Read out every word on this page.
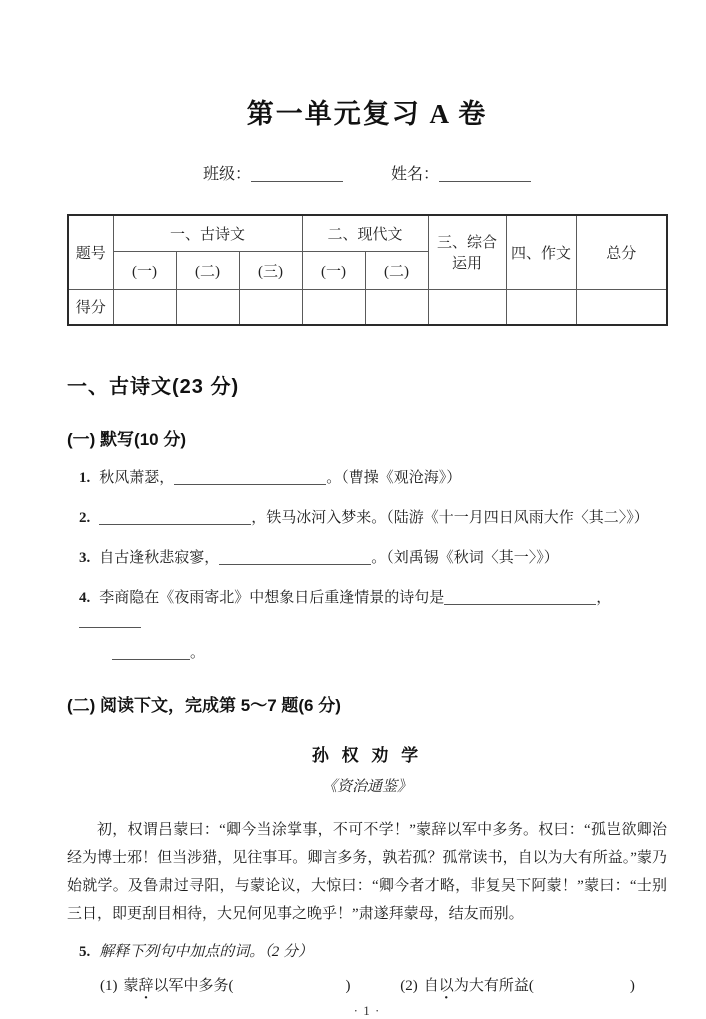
第一单元复习 A 卷
班级：	姓名：
题号	一、古诗文			二、现代文		三、综合运用	四、作文	总分
	(一)	(二)	(三)	(一)	(二)			
得分								
一、古诗文(23 分)
(一) 默写(10 分)
1. 秋风萧瑟，	。（曹操《观沧海》）
2.	，铁马冰河入梦来。（陆游《十一月四日风雨大作〈其二〉》）
3. 自古逢秋悲寂寥，	。（刘禹锡《秋词〈其一〉》）
4. 李商隐在《夜雨寄北》中想象日后重逢情景的诗句是	，
。
(二) 阅读下文，完成第 5～7 题(6 分)
孙 权 劝 学
《资治通鉴》
初，权谓吕蒙曰：“卿今当涂掌事，不可不学！”蒙辞以军中多务。权曰：“孤岂欲卿治经为博士邪！但当涉猎，见往事耳。卿言多务，孰若孤？孤常读书，自以为大有所益。”蒙乃始就学。及鲁肃过寻阳，与蒙论议，大惊曰：“卿今者才略，非复吴下阿蒙！”蒙曰：“士别三日，即更刮目相待，大兄何见事之晚乎！”肃遂拜蒙母，结友而别。
5. 解释下列句中加点的词。（2 分）
(1) 蒙辞以军中多务(	)	(2) 自以为大有所益(	)
· 1 ·
